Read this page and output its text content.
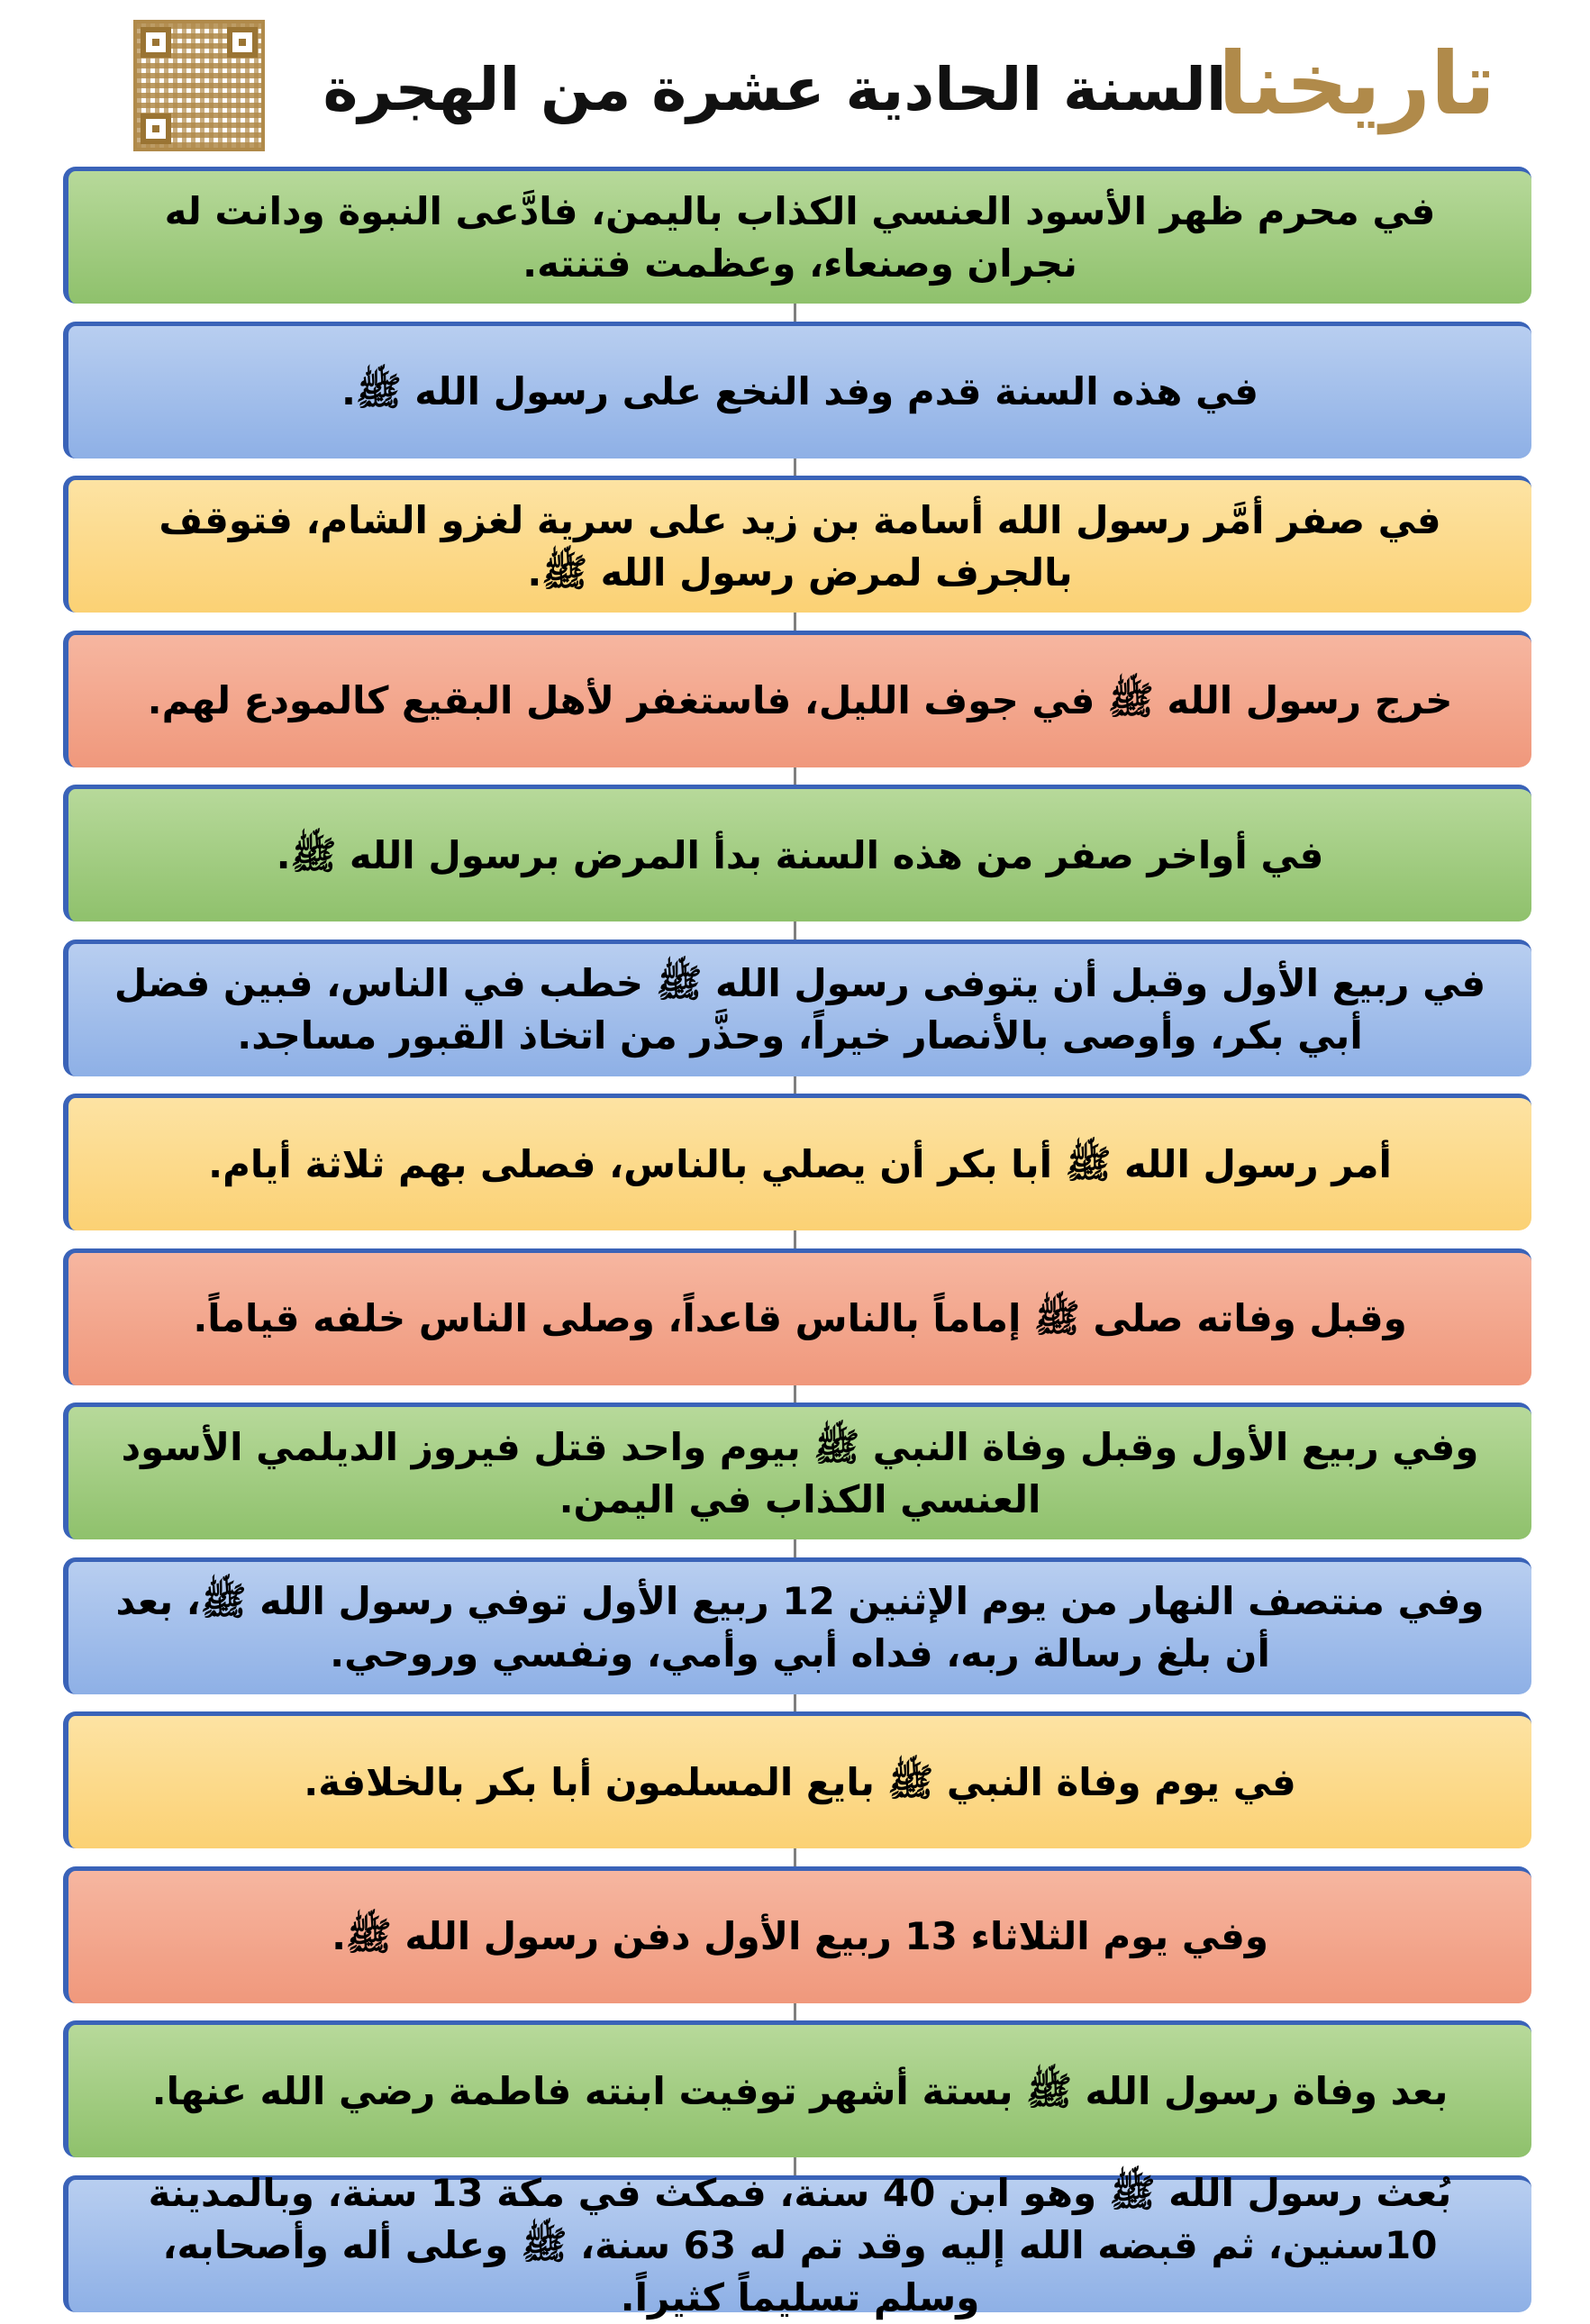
السنة الحادية عشرة من الهجرة
تاريخنا
في محرم ظهر الأسود العنسي الكذاب باليمن، فادَّعى النبوة ودانت له نجران وصنعاء، وعظمت فتنته.
في هذه السنة قدم وفد النخع على رسول الله ﷺ.
في صفر أمَّر رسول الله أسامة بن زيد على سرية لغزو الشام، فتوقف بالجرف لمرض رسول الله ﷺ.
خرج رسول الله ﷺ في جوف الليل، فاستغفر لأهل البقيع كالمودع لهم.
في أواخر صفر من هذه السنة بدأ المرض برسول الله ﷺ.
في ربيع الأول وقبل أن يتوفى رسول الله ﷺ خطب في الناس، فبين فضل أبي بكر، وأوصى بالأنصار خيراً، وحذَّر من اتخاذ القبور مساجد.
أمر رسول الله ﷺ أبا بكر أن يصلي بالناس، فصلى بهم ثلاثة أيام.
وقبل وفاته صلى ﷺ إماماً بالناس قاعداً، وصلى الناس خلفه قياماً.
وفي ربيع الأول وقبل وفاة النبي ﷺ بيوم واحد قتل فيروز الديلمي الأسود العنسي الكذاب في اليمن.
وفي منتصف النهار من يوم الإثنين 12 ربيع الأول توفي رسول الله ﷺ، بعد أن بلغ رسالة ربه، فداه أبي وأمي، ونفسي وروحي.
في يوم وفاة النبي ﷺ بايع المسلمون أبا بكر بالخلافة.
وفي يوم الثلاثاء 13 ربيع الأول دفن رسول الله ﷺ.
بعد وفاة رسول الله ﷺ بستة أشهر توفيت ابنته فاطمة رضي الله عنها.
بُعث رسول الله ﷺ وهو ابن 40 سنة، فمكث في مكة 13 سنة، وبالمدينة 10سنين، ثم قبضه الله إليه وقد تم له 63 سنة، ﷺ وعلى أله وأصحابه، وسلم تسليماً كثيراً.
